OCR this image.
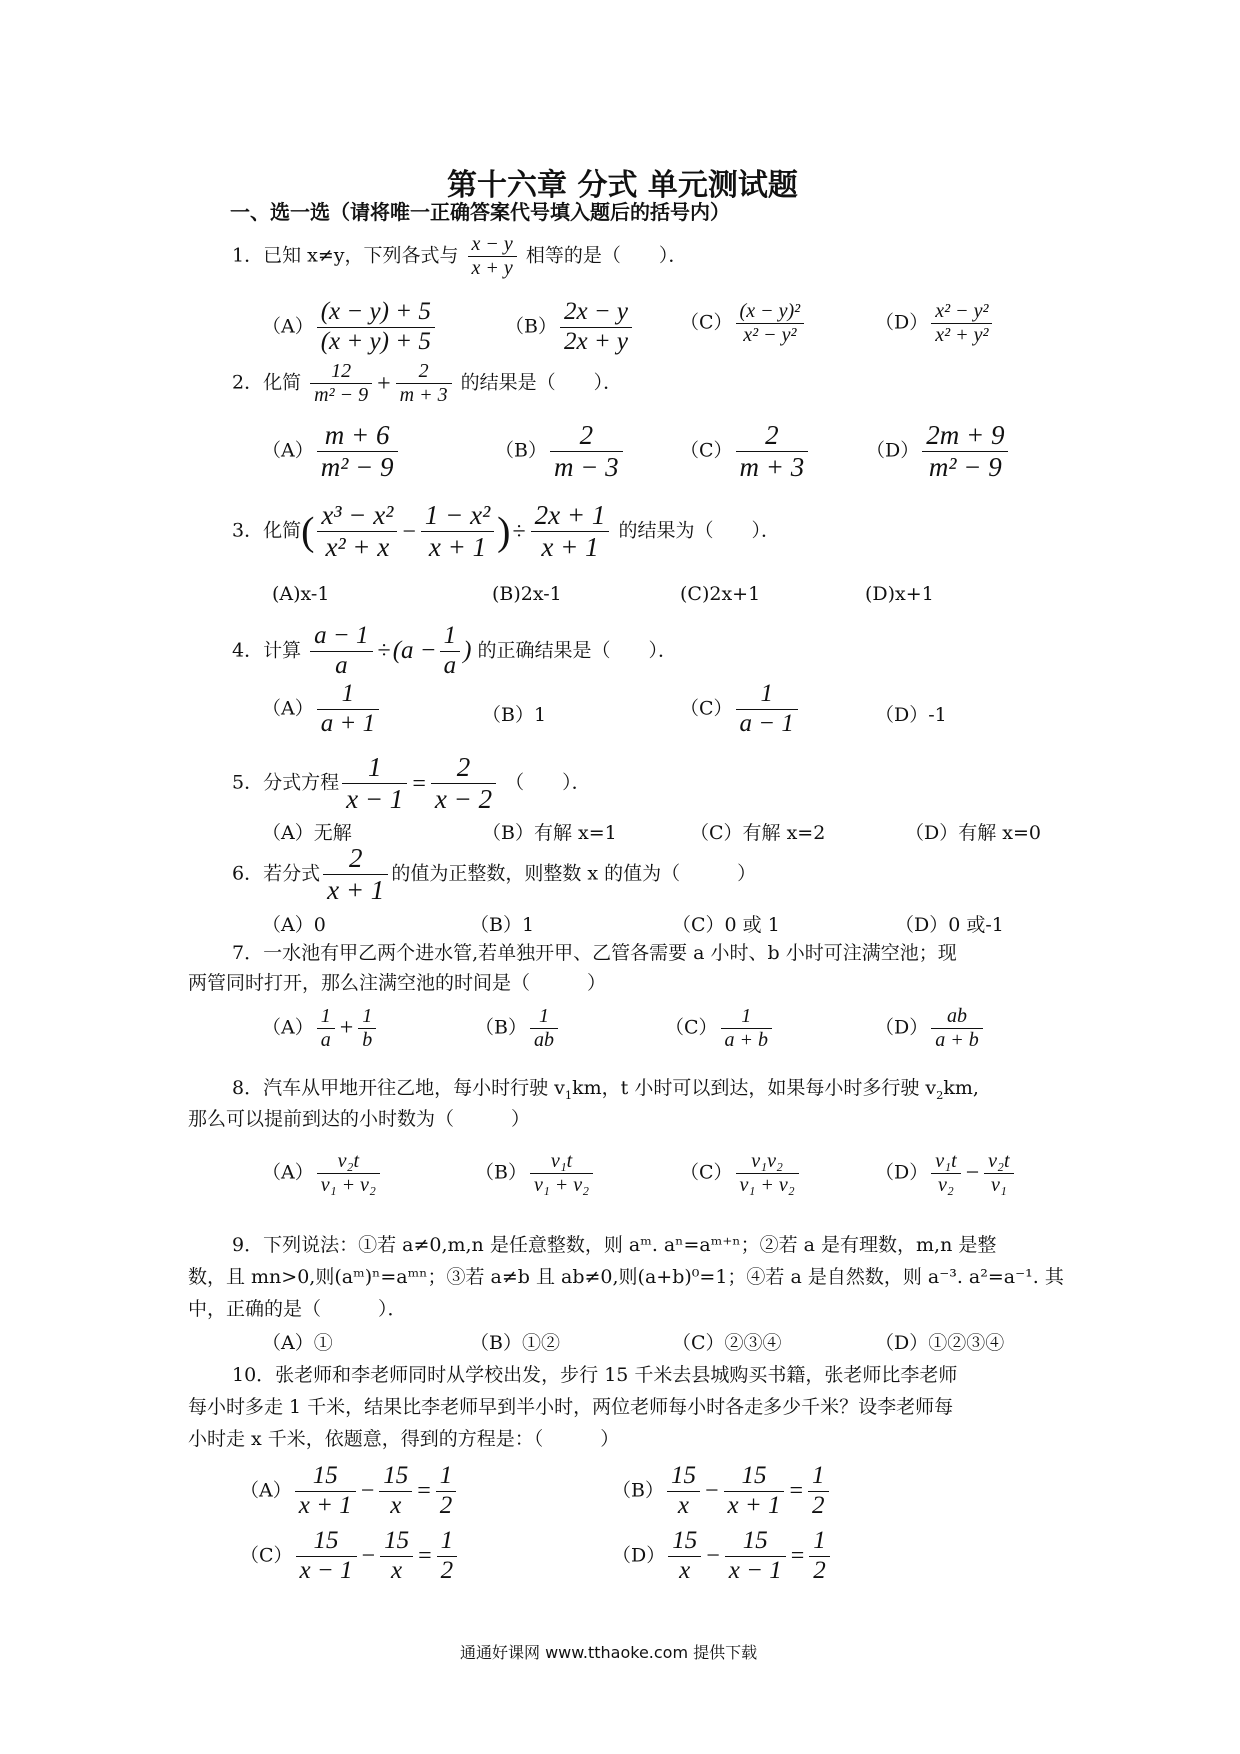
第十六章 分式 单元测试题
一、选一选（请将唯一正确答案代号填入题后的括号内）
1．已知 x≠y，下列各式与 $\frac{x - y}{x + y}$ 相等的是（　　）．
$(A) \frac{(x - y) + 5}{(x + y) + 5}$	$(B) \frac{2x - y}{2x + y}$	$(C) \frac{\text{(x − y)²}}{\text{x² − y²}}$	$(D) \frac{\text{x² − y²}}{\text{x² + y²}}$
2．化简 $\frac{12}{\text{m² − 9}} + \frac{2}{m + 3}$ 的结果是（　　）．
$(A) \frac{m + 6}{\text{m² − 9}}$	$(B) \frac{2}{m - 3}$	$(C) \frac{2}{m + 3}$	$(D) \frac{2m + 9}{\text{m² − 9}}$
3．化简( $\frac{\text{x³ − x²}}{\text{x² + x}} - \frac{\text{1 − x²}}{x + 1}$ )÷ $\frac{2x + 1}{x + 1}$ 的结果为（　　）．
(A)x-1	(B)2x-1	(C)2x+1	(D)x+1
4．计算 $\frac{a - 1}{a} \div(a - \frac{1}{a}$ ) 的正确结果是（　　）．
$(A) \frac{1}{a + 1}$	（B）1	$(C) \frac{1}{a - 1}$	（D）-1
5．分式方程 $\frac{1}{x - 1} = \frac{2}{x - 2}$ （　　）．
（A）无解	（B）有解 x=1	（C）有解 x=2	（D）有解 x=0
6．若分式 $\frac{2}{x + 1}$ 的值为正整数，则整数 x 的值为（　　　）
（A）0	（B）1	（C）0 或 1	（D）0 或-1
7．一水池有甲乙两个进水管,若单独开甲、乙管各需要 a 小时、b 小时可注满空池；现
两管同时打开，那么注满空池的时间是（　　　）
$(A) \frac{1}{a} + \frac{1}{b}$	$(B) \frac{1}{ab}$	$(C) \frac{1}{a + b}$	$(D) \frac{ab}{a + b}$
8．汽车从甲地开往乙地，每小时行驶 $v_1km$，t 小时可以到达，如果每小时多行驶 $v_2km$,
那么可以提前到达的小时数为（　　　）
$(A) \frac{\text{v₂t}}{\text{v₁ + v₂}}$	$(B) \frac{\text{v₁t}}{\text{v₁ + v₂}}$	$(C) \frac{\text{v₁v₂}}{\text{v₁ + v₂}}$	$(D) \frac{\text{v₁t}}{\text{v₂}} - \frac{\text{v₂t}}{\text{v₁}}$
9．下列说法：①若 a≠0,m,n 是任意整数，则 aᵐ. aⁿ=aᵐ⁺ⁿ；②若 a 是有理数，m,n 是整
数，且 mn>0,则(aᵐ)ⁿ=aᵐⁿ；③若 a≠b 且 ab≠0,则(a+b)⁰=1；④若 a 是自然数，则 a⁻³. a²=a⁻¹. 其
中，正确的是（　　　）．
（A）①	（B）①②	（C）②③④	（D）①②③④
10．张老师和李老师同时从学校出发，步行 15 千米去县城购买书籍，张老师比李老师
每小时多走 1 千米，结果比李老师早到半小时，两位老师每小时各走多少千米？设李老师每
小时走 x 千米，依题意，得到的方程是：（　　　）
$(A) \frac{15}{x + 1} - \frac{15}{x} = \frac{1}{2}$	$(B) \frac{15}{x} - \frac{15}{x + 1} = \frac{1}{2}$
$(C) \frac{15}{x - 1} - \frac{15}{x} = \frac{1}{2}$	$(D) \frac{15}{x} - \frac{15}{x - 1} = \frac{1}{2}$
通通好课网 www.tthaoke.com 提供下载
